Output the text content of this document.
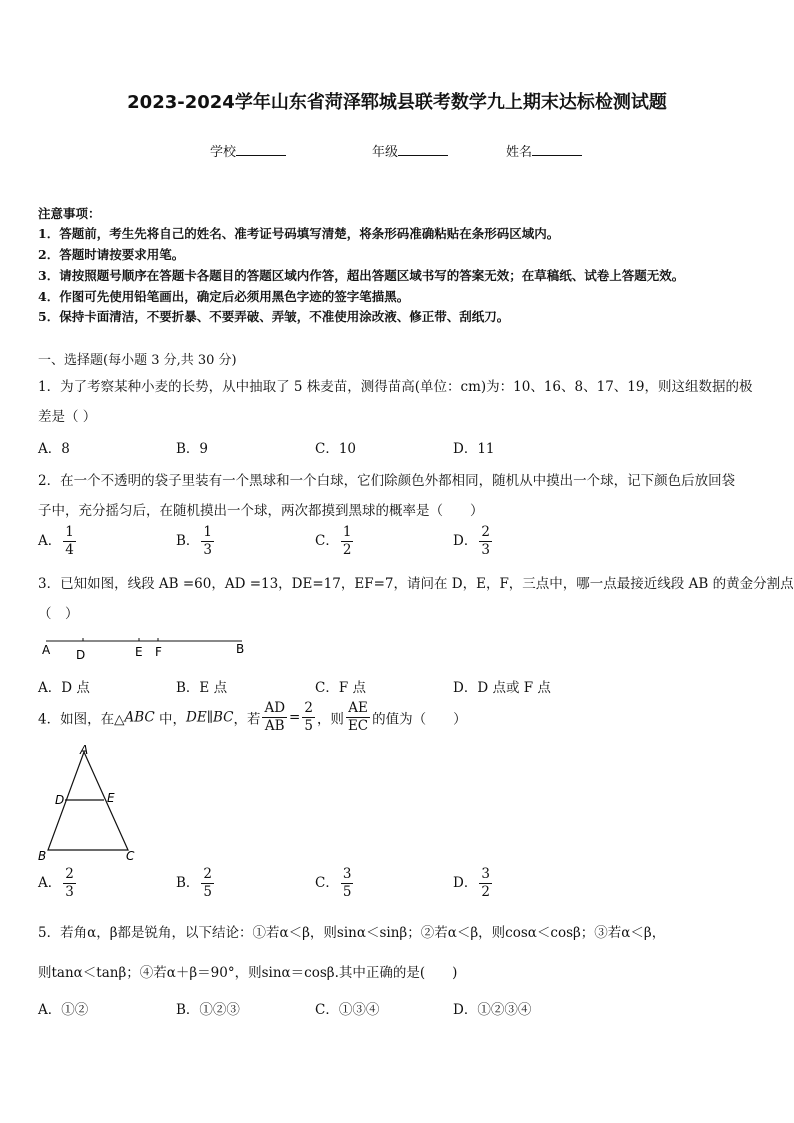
2023-2024学年山东省菏泽郓城县联考数学九上期末达标检测试题
学校	年级	姓名
注意事项：
1．答题前，考生先将自己的姓名、准考证号码填写清楚，将条形码准确粘贴在条形码区域内。
2．答题时请按要求用笔。
3．请按照题号顺序在答题卡各题目的答题区域内作答，超出答题区域书写的答案无效；在草稿纸、试卷上答题无效。
4．作图可先使用铅笔画出，确定后必须用黑色字迹的签字笔描黑。
5．保持卡面清洁，不要折暴、不要弄破、弄皱，不准使用涂改液、修正带、刮纸刀。
一、选择题(每小题 3 分,共 30 分)
1．为了考察某种小麦的长势，从中抽取了 5 株麦苗，测得苗高(单位：cm)为：10、16、8、17、19，则这组数据的极
差是（ ）
A．8	B．9	C．10	D．11
2．在一个不透明的袋子里装有一个黑球和一个白球，它们除颜色外都相同，随机从中摸出一个球，记下颜色后放回袋
子中，充分摇匀后，在随机摸出一个球，两次都摸到黑球的概率是（　　）
A． $\frac{1}{4}$	B． $\frac{1}{3}$	C． $\frac{1}{2}$	D． $\frac{2}{3}$
3．已知如图，线段 AB =60，AD =13，DE=17，EF=7，请问在 D，E，F，三点中，哪一点最接近线段 AB 的黄金分割点
（　）
A D	E F	B
A．D 点	B．E 点	C．F 点	D．D 点或 F 点
4．如图，在△ABC 中，DE∥BC，若 $\frac{AD}{AB} = \frac{2}{5}$ ，则 $\frac{AE}{EC}$ 的值为（　　）
A
D	E
B	C
A． $\frac{2}{3}$	B． $\frac{2}{5}$	C． $\frac{3}{5}$	D． $\frac{3}{2}$
5．若角α，β都是锐角，以下结论：①若α＜β，则sinα＜sinβ；②若α＜β，则cosα＜cosβ；③若α＜β，
则tanα＜tanβ；④若α＋β＝90°，则sinα＝cosβ.其中正确的是(　　)
A．①②	B．①②③	C．①③④	D．①②③④
